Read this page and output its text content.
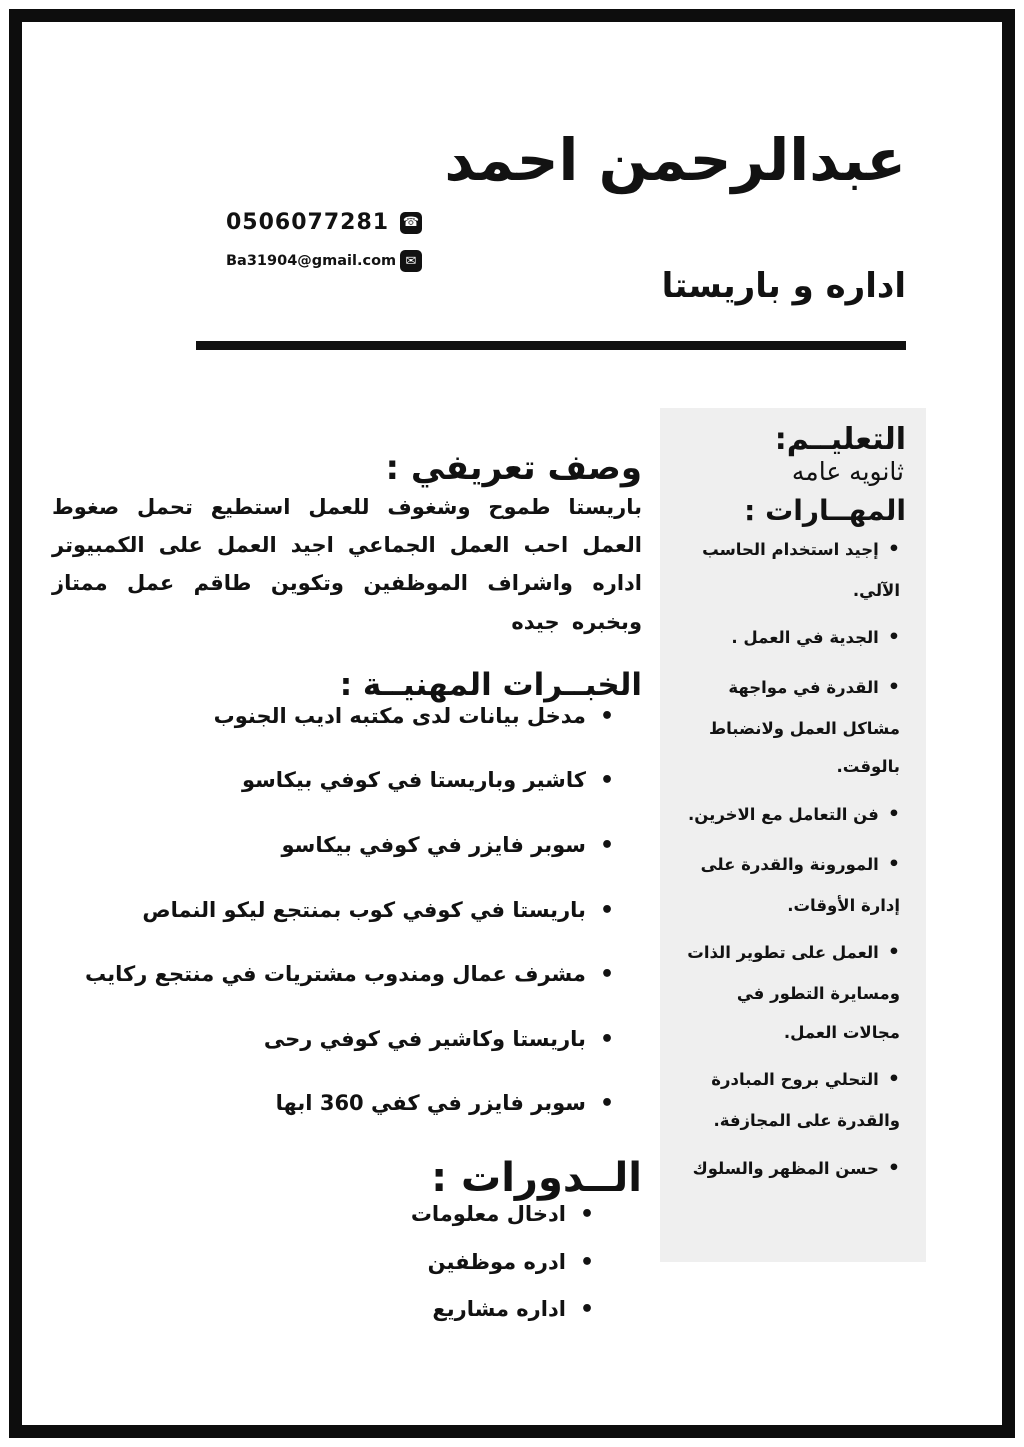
عبدالرحمن احمد
0506077281 ☎
Ba31904@gmail.com ✉
اداره و باريستا
التعليــم:
ثانويه عامه
المهــارات :
• إجيد استخدام الحاسب الآلي.
• الجدية في العمل .
• القدرة في مواجهة مشاكل العمل ولانضباط بالوقت.
• فن التعامل مع الاخرين.
• المورونة والقدرة على إدارة الأوقات.
• العمل على تطوير الذات ومسايرة التطور في مجالات العمل.
• التحلي بروح المبادرة والقدرة على المجازفة.
• حسن المظهر والسلوك
وصف تعريفي :

باريستا طموح وشغوف للعمل استطيع تحمل صغوط العمل احب العمل الجماعي اجيد العمل على الكمبيوتر اداره واشراف الموظفين وتكوين طاقم عمل ممتاز وبخبره جيده

الخبــرات المهنيــة :
• مدخل بيانات لدى مكتبه اديب الجنوب
• كاشير وباريستا في كوفي بيكاسو
• سوبر فايزر في كوفي بيكاسو
• باريستا في كوفي كوب بمنتجع ليكو النماص
• مشرف عمال ومندوب مشتريات في منتجع ركايب
• باريستا وكاشير في كوفي رحى
• سوبر فايزر في كفي 360 ابها
الــدورات :
• ادخال معلومات
• ادره موظفين
• اداره مشاريع
